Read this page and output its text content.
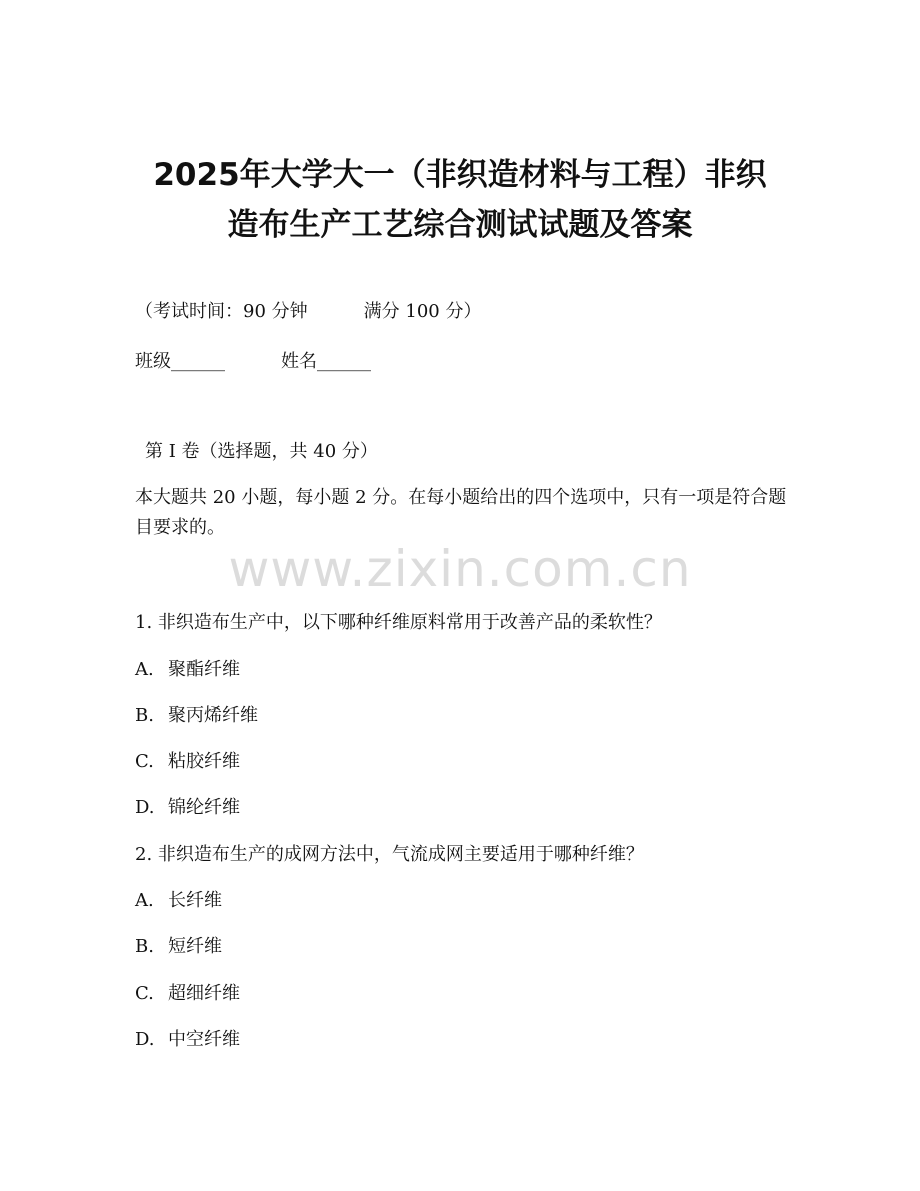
2025年大学大一（非织造材料与工程）非织
造布生产工艺综合测试试题及答案
（考试时间：90 分钟	满分 100 分）
班级______	姓名______
第 I 卷（选择题，共 40 分）
本大题共 20 小题，每小题 2 分。在每小题给出的四个选项中，只有一项是符合题目要求的。
www.zixin.com.cn
1. 非织造布生产中，以下哪种纤维原料常用于改善产品的柔软性？
A. 聚酯纤维
B. 聚丙烯纤维
C. 粘胶纤维
D. 锦纶纤维
2. 非织造布生产的成网方法中，气流成网主要适用于哪种纤维？
A. 长纤维
B. 短纤维
C. 超细纤维
D. 中空纤维
